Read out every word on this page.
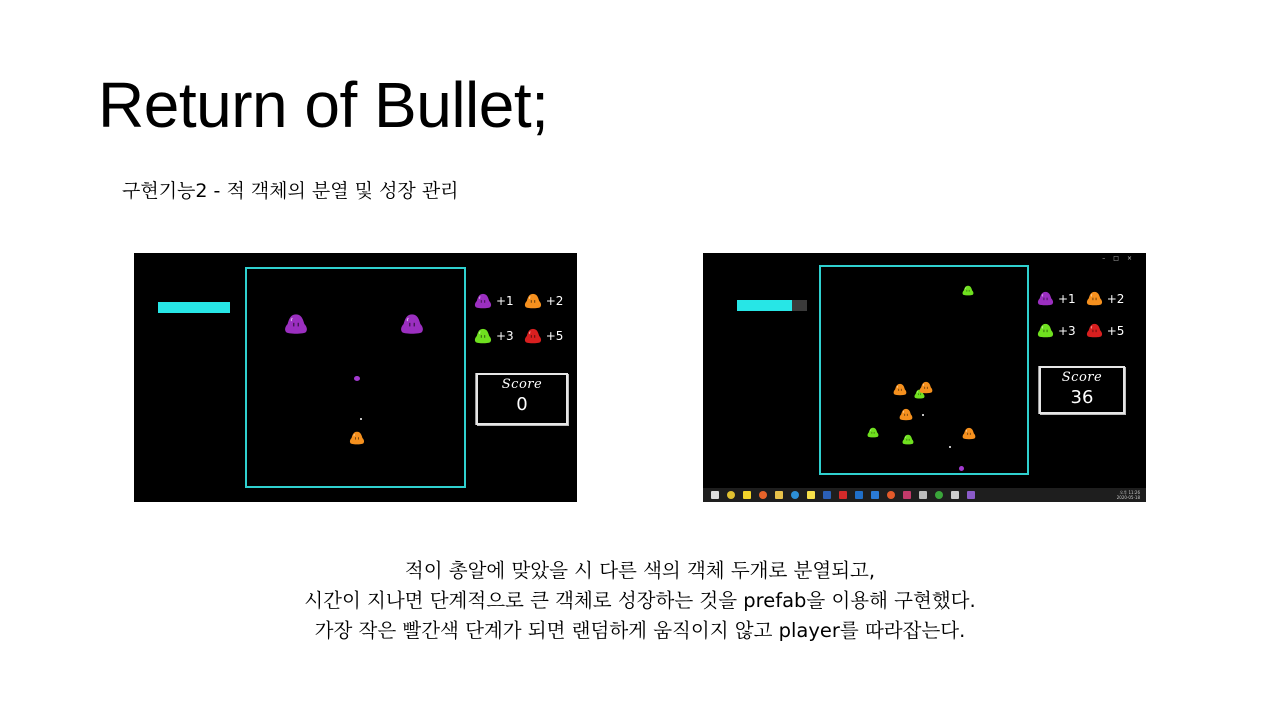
Return of Bullet;
구현기능2 - 적 객체의 분열 및 성장 관리
+1	+2
+3	+5
Score
0
–□×
+1	+2
+3	+5
Score
36
오후 11:26
2020-05-18
적이 총알에 맞았을 시 다른 색의 객체 두개로 분열되고,
시간이 지나면 단계적으로 큰 객체로 성장하는 것을 prefab을 이용해 구현했다.
가장 작은 빨간색 단계가 되면 랜덤하게 움직이지 않고 player를 따라잡는다.
